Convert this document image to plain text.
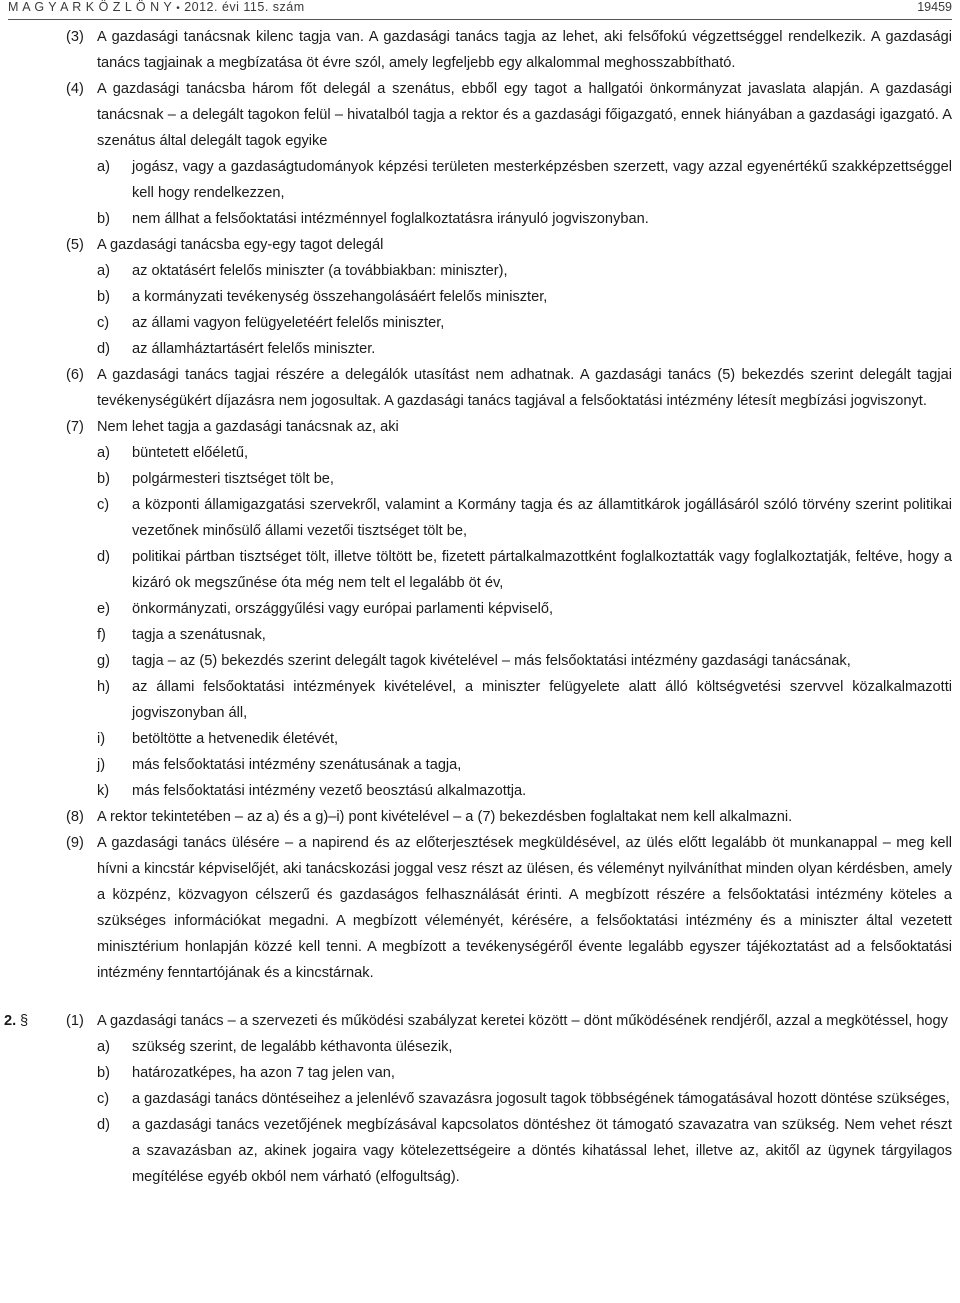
M A G Y A R K Ö Z L Ö N Y • 2012. évi 115. szám	19459
(3) A gazdasági tanácsnak kilenc tagja van. A gazdasági tanács tagja az lehet, aki felsőfokú végzettséggel rendelkezik. A gazdasági tanács tagjainak a megbízatása öt évre szól, amely legfeljebb egy alkalommal meghosszabbítható.
(4) A gazdasági tanácsba három főt delegál a szenátus, ebből egy tagot a hallgatói önkormányzat javaslata alapján. A gazdasági tanácsnak – a delegált tagokon felül – hivatalból tagja a rektor és a gazdasági főigazgató, ennek hiányában a gazdasági igazgató. A szenátus által delegált tagok egyike
a) jogász, vagy a gazdaságtudományok képzési területen mesterképzésben szerzett, vagy azzal egyenértékű szakképzettséggel kell hogy rendelkezzen,
b) nem állhat a felsőoktatási intézménnyel foglalkoztatásra irányuló jogviszonyban.
(5) A gazdasági tanácsba egy-egy tagot delegál
a) az oktatásért felelős miniszter (a továbbiakban: miniszter),
b) a kormányzati tevékenység összehangolásáért felelős miniszter,
c) az állami vagyon felügyeletéért felelős miniszter,
d) az államháztartásért felelős miniszter.
(6) A gazdasági tanács tagjai részére a delegálók utasítást nem adhatnak. A gazdasági tanács (5) bekezdés szerint delegált tagjai tevékenységükért díjazásra nem jogosultak. A gazdasági tanács tagjával a felsőoktatási intézmény létesít megbízási jogviszonyt.
(7) Nem lehet tagja a gazdasági tanácsnak az, aki
a) büntetett előéletű,
b) polgármesteri tisztséget tölt be,
c) a központi államigazgatási szervekről, valamint a Kormány tagja és az államtitkárok jogállásáról szóló törvény szerint politikai vezetőnek minősülő állami vezetői tisztséget tölt be,
d) politikai pártban tisztséget tölt, illetve töltött be, fizetett pártalkalmazottként foglalkoztatták vagy foglalkoztatják, feltéve, hogy a kizáró ok megszűnése óta még nem telt el legalább öt év,
e) önkormányzati, országgyűlési vagy európai parlamenti képviselő,
f) tagja a szenátusnak,
g) tagja – az (5) bekezdés szerint delegált tagok kivételével – más felsőoktatási intézmény gazdasági tanácsának,
h) az állami felsőoktatási intézmények kivételével, a miniszter felügyelete alatt álló költségvetési szervvel közalkalmazotti jogviszonyban áll,
i) betöltötte a hetvenedik életévét,
j) más felsőoktatási intézmény szenátusának a tagja,
k) más felsőoktatási intézmény vezető beosztású alkalmazottja.
(8) A rektor tekintetében – az a) és a g)–i) pont kivételével – a (7) bekezdésben foglaltakat nem kell alkalmazni.
(9) A gazdasági tanács ülésére – a napirend és az előterjesztések megküldésével, az ülés előtt legalább öt munkanappal – meg kell hívni a kincstár képviselőjét, aki tanácskozási joggal vesz részt az ülésen, és véleményt nyilváníthat minden olyan kérdésben, amely a közpénz, közvagyon célszerű és gazdaságos felhasználását érinti. A megbízott részére a felsőoktatási intézmény köteles a szükséges információkat megadni. A megbízott véleményét, kérésére, a felsőoktatási intézmény és a miniszter által vezetett minisztérium honlapján közzé kell tenni. A megbízott a tevékenységéről évente legalább egyszer tájékoztatást ad a felsőoktatási intézmény fenntartójának és a kincstárnak.
2. §	(1) A gazdasági tanács – a szervezeti és működési szabályzat keretei között – dönt működésének rendjéről, azzal a megkötéssel, hogy
a) szükség szerint, de legalább kéthavonta ülésezik,
b) határozatképes, ha azon 7 tag jelen van,
c) a gazdasági tanács döntéseihez a jelenlévő szavazásra jogosult tagok többségének támogatásával hozott döntése szükséges,
d) a gazdasági tanács vezetőjének megbízásával kapcsolatos döntéshez öt támogató szavazatra van szükség. Nem vehet részt a szavazásban az, akinek jogaira vagy kötelezettségeire a döntés kihatással lehet, illetve az, akitől az ügynek tárgyilagos megítélése egyéb okból nem várható (elfogultság).
